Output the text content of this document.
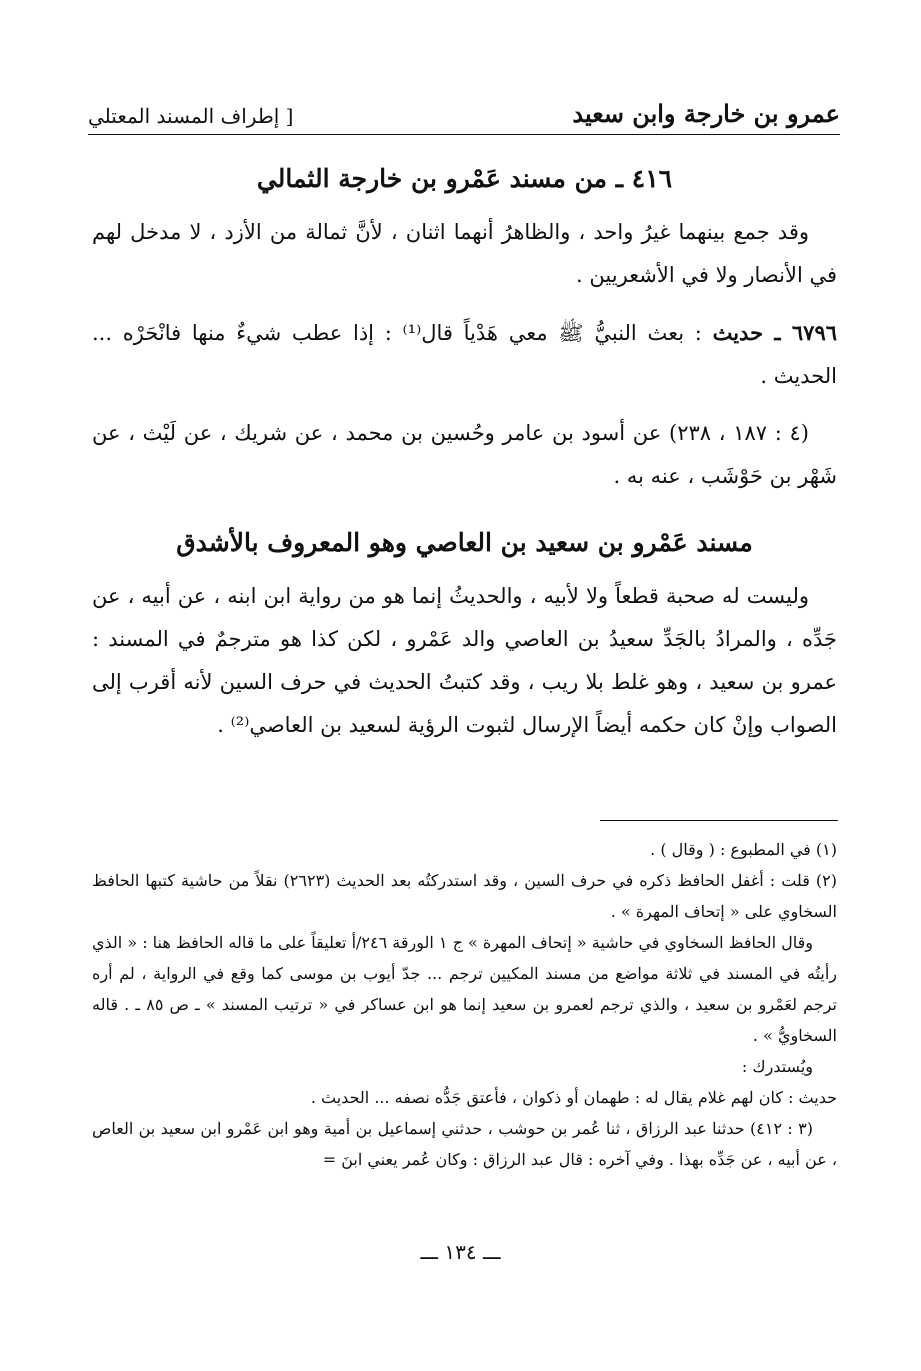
عمرو بن خارجة وابن سعيد
[ إطراف المسند المعتلي
٤١٦ ـ من مسند عَمْرو بن خارجة الثمالي

وقد جمع بينهما غيرُ واحد ، والظاهرُ أنهما اثنان ، لأنَّ ثمالة من الأزد ، لا مدخل لهم في الأنصار ولا في الأشعريين .

٦٧٩٦ ـ حديث : بعث النبيُّ ﷺ معي هَدْياً قال⁽¹⁾ : إذا عطب شيءٌ منها فانْحَرْه ... الحديث .

(٤ : ١٨٧ ، ٢٣٨) عن أسود بن عامر وحُسين بن محمد ، عن شريك ، عن لَيْث ، عن شَهْر بن حَوْشَب ، عنه به .

مسند عَمْرو بن سعيد بن العاصي وهو المعروف بالأشدق

وليست له صحبة قطعاً ولا لأبيه ، والحديثُ إنما هو من رواية ابن ابنه ، عن أبيه ، عن جَدِّه ، والمرادُ بالجَدِّ سعيدُ بن العاصي والد عَمْرو ، لكن كذا هو مترجمٌ في المسند : عمرو بن سعيد ، وهو غلط بلا ريب ، وقد كتبتُ الحديث في حرف السين لأنه أقرب إلى الصواب وإنْ كان حكمه أيضاً الإرسال لثبوت الرؤية لسعيد بن العاصي⁽²⁾ .

(١) في المطبوع : ( وقال ) .

(٢) قلت : أغفل الحافظ ذكره في حرف السين ، وقد استدركتُه بعد الحديث (٢٦٢٣) نقلاً من حاشية كتبها الحافظ السخاوي على « إتحاف المهرة » .

وقال الحافظ السخاوي في حاشية « إتحاف المهرة » ج ١ الورقة ٢٤٦/أ تعليقاً على ما قاله الحافظ هنا : « الذي رأيتُه في المسند في ثلاثة مواضع من مسند المكيين ترجم ... جدّ أيوب بن موسى كما وقع في الرواية ، لم أره ترجم لعَمْرو بن سعيد ، والذي ترجم لعمرو بن سعيد إنما هو ابن عساكر في « ترتيب المسند » ـ ص ٨٥ ـ . قاله السخاويُّ » .

ويُستدرك :

حديث : كان لهم غلام يقال له : طهمان أو ذكوان ، فأعتق جَدُّه نصفه ... الحديث .

(٣ : ٤١٢) حدثنا عبد الرزاق ، ثنا عُمر بن حوشب ، حدثني إسماعيل بن أمية وهو ابن عَمْرو ابن سعيد بن العاص ، عن أبيه ، عن جَدِّه بهذا . وفي آخره : قال عبد الرزاق : وكان عُمر يعني ابنَ =

ـــ ١٣٤ ـــ
